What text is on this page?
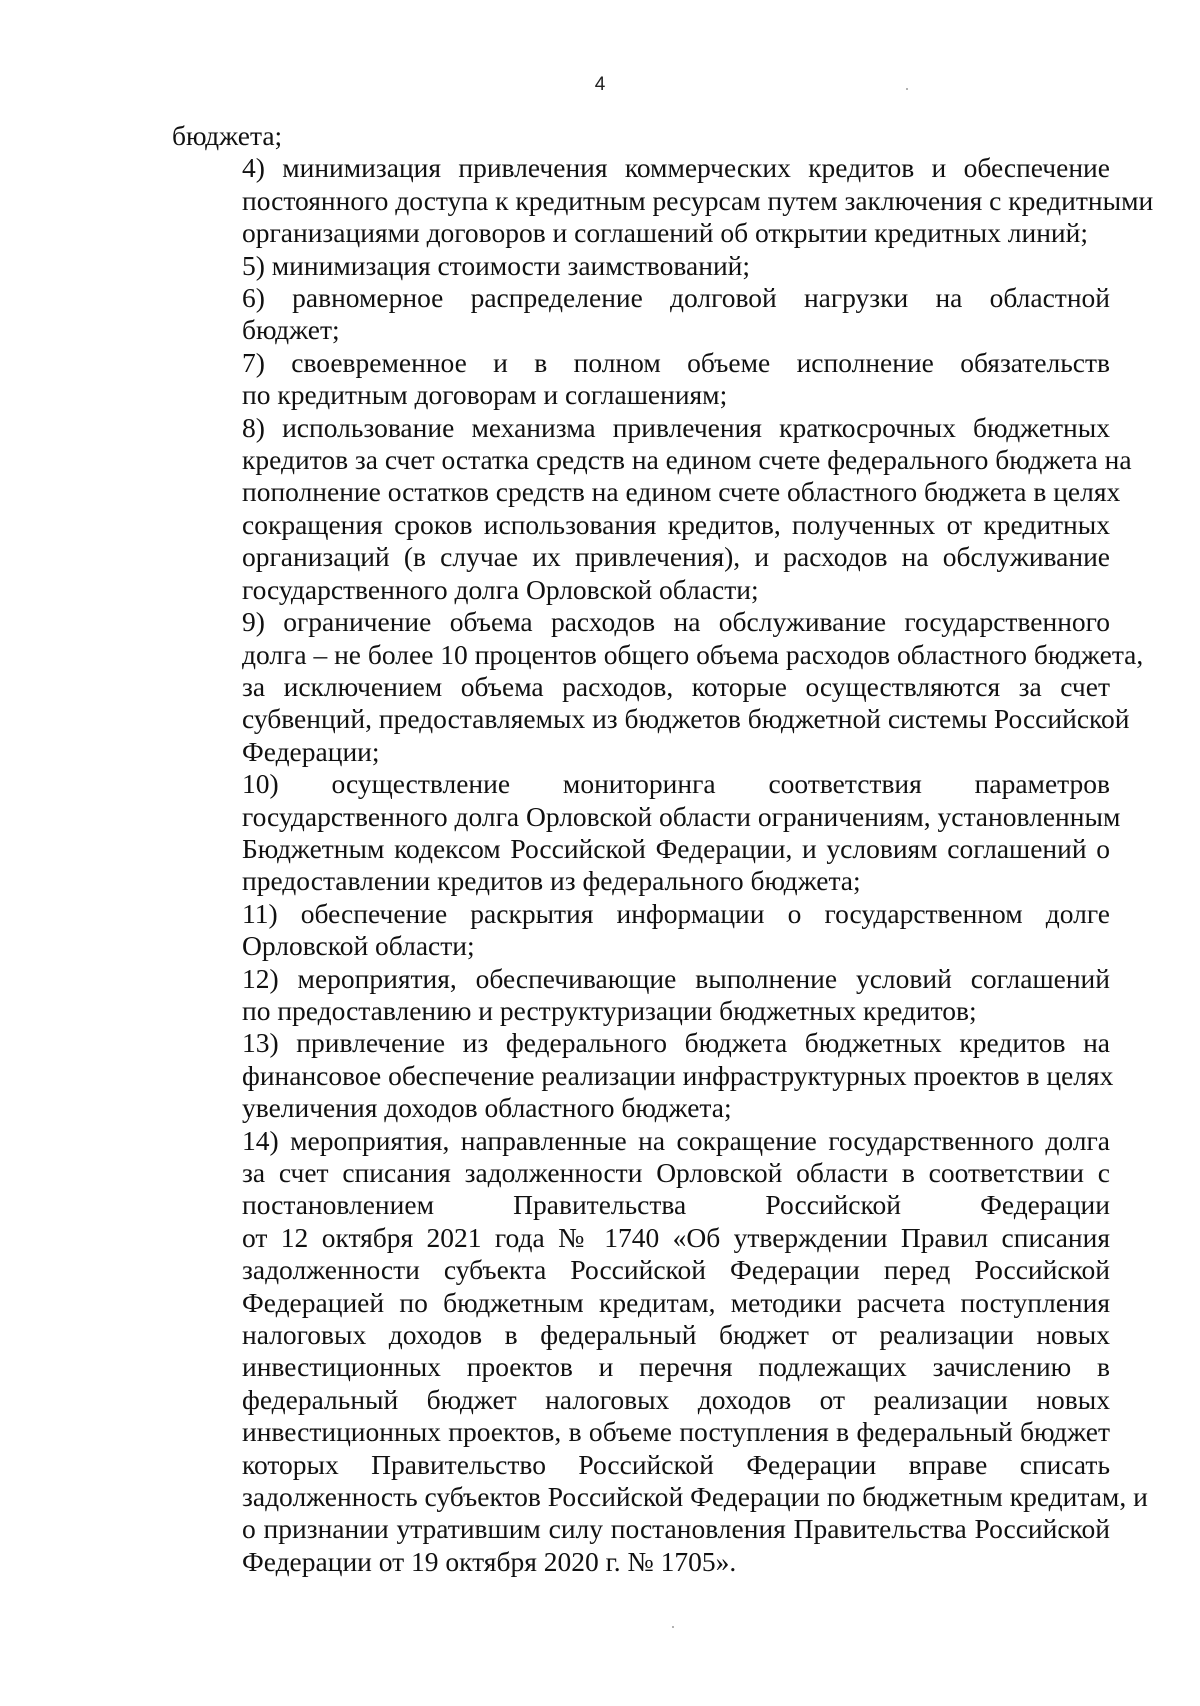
4

бюджета;

4) минимизация привлечения коммерческих кредитов и обеспечение
постоянного доступа к кредитным ресурсам путем заключения с кредитными
организациями договоров и соглашений об открытии кредитных линий;

5) минимизация стоимости заимствований;

6) равномерное распределение долговой нагрузки на областной
бюджет;

7) своевременное и в полном объеме исполнение обязательств
по кредитным договорам и соглашениям;

8) использование механизма привлечения краткосрочных бюджетных
кредитов за счет остатка средств на едином счете федерального бюджета на
пополнение остатков средств на едином счете областного бюджета в целях
сокращения сроков использования кредитов, полученных от кредитных
организаций (в случае их привлечения), и расходов на обслуживание
государственного долга Орловской области;

9) ограничение объема расходов на обслуживание государственного
долга – не более 10 процентов общего объема расходов областного бюджета,
за исключением объема расходов, которые осуществляются за счет
субвенций, предоставляемых из бюджетов бюджетной системы Российской
Федерации;

10) осуществление мониторинга соответствия параметров
государственного долга Орловской области ограничениям, установленным
Бюджетным кодексом Российской Федерации, и условиям соглашений о
предоставлении кредитов из федерального бюджета;

11) обеспечение раскрытия информации о государственном долге
Орловской области;

12) мероприятия, обеспечивающие выполнение условий соглашений
по предоставлению и реструктуризации бюджетных кредитов;

13) привлечение из федерального бюджета бюджетных кредитов на
финансовое обеспечение реализации инфраструктурных проектов в целях
увеличения доходов областного бюджета;

14) мероприятия, направленные на сокращение государственного долга
за счет списания задолженности Орловской области в соответствии с
постановлением Правительства Российской Федерации
от 12 октября 2021 года № 1740 «Об утверждении Правил списания
задолженности субъекта Российской Федерации перед Российской
Федерацией по бюджетным кредитам, методики расчета поступления
налоговых доходов в федеральный бюджет от реализации новых
инвестиционных проектов и перечня подлежащих зачислению в
федеральный бюджет налоговых доходов от реализации новых
инвестиционных проектов, в объеме поступления в федеральный бюджет
которых Правительство Российской Федерации вправе списать
задолженность субъектов Российской Федерации по бюджетным кредитам, и
о признании утратившим силу постановления Правительства Российской
Федерации от 19 октября 2020 г. № 1705».
